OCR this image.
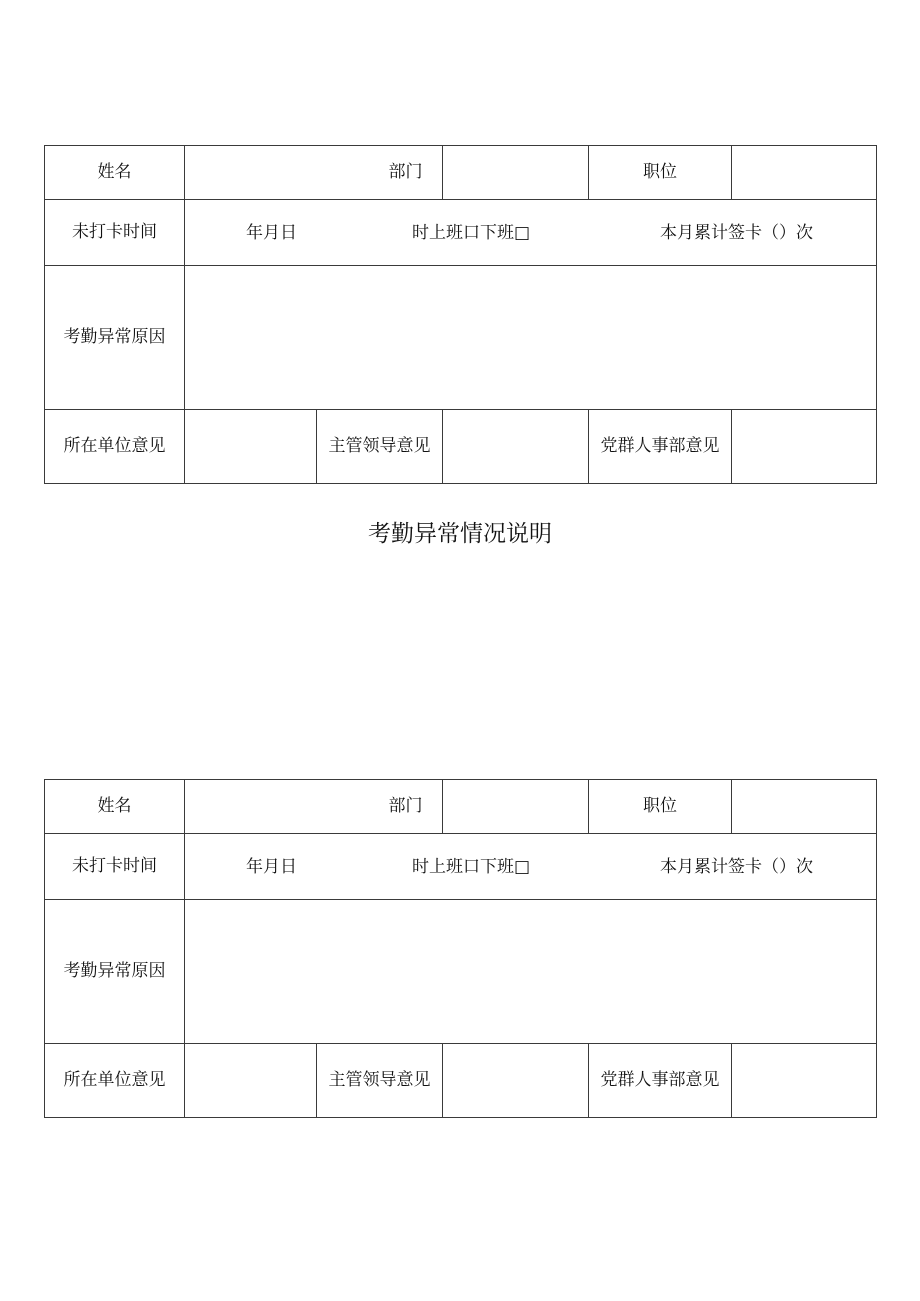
姓名	部门			职位	
未打卡时间	年月日 时上班口下班□ 本月累计签卡（）次				

考勤异常原因					
所在单位意见		主管领导意见		党群人事部意见	
考勤异常情况说明
姓名	部门			职位	
未打卡时间	年月日 时上班口下班□ 本月累计签卡（）次				

考勤异常原因					
所在单位意见		主管领导意见		党群人事部意见	
